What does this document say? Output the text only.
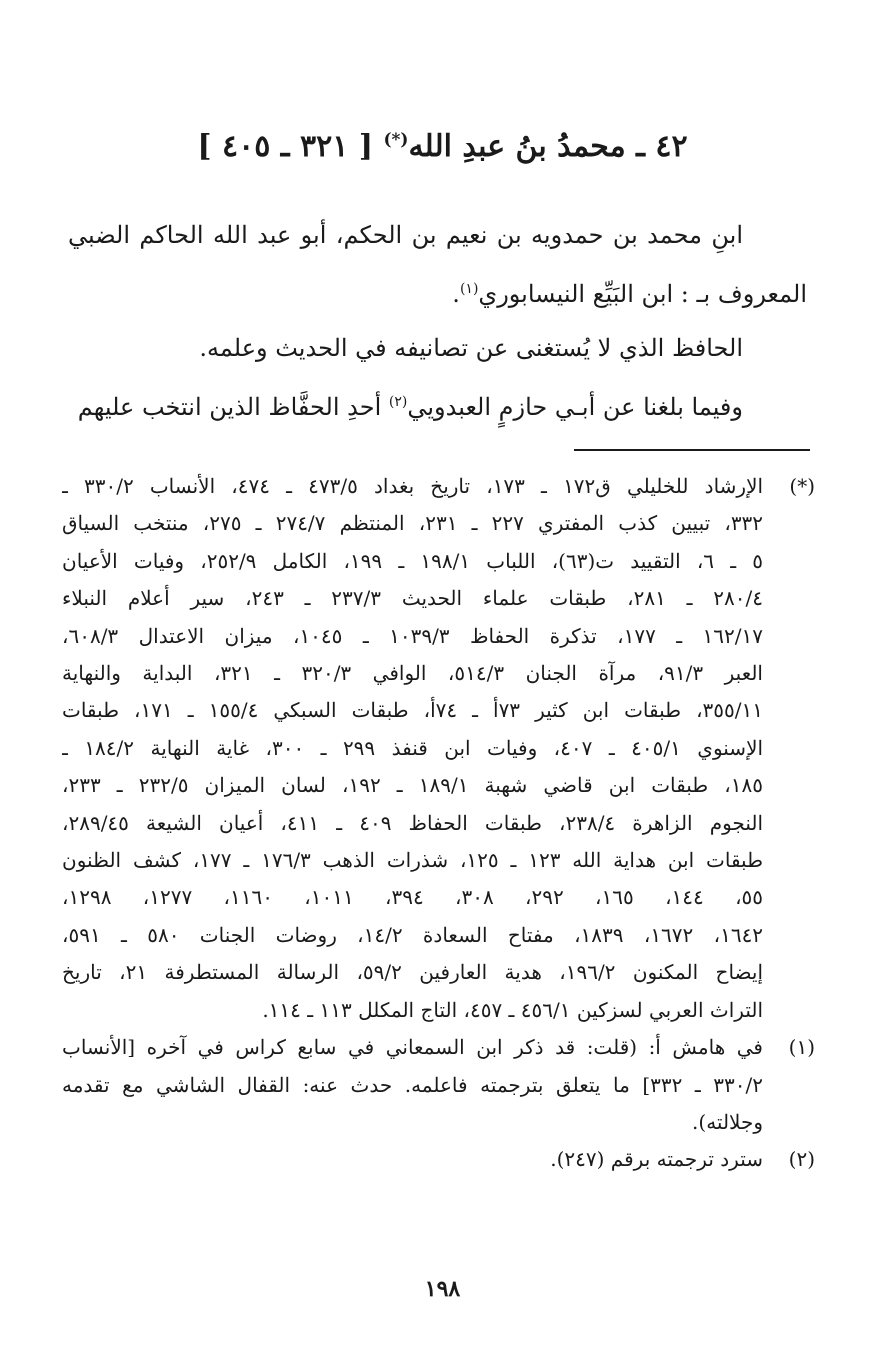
٤٢ ـ محمدُ بنُ عبدِ الله(*) [ ٣٢١ ـ ٤٠٥ ]

ابنِ محمد بن حمدويه بن نعيم بن الحكم، أبو عبد الله الحاكم الضبي

المعروف بـ : ابن البَيِّع النيسابوري$^{(١)}$.

الحافظ الذي لا يُستغنى عن تصانيفه في الحديث وعلمه.

وفيما بلغنا عن أبـي حازمٍ العبدويي$^{(٢)}$ أحدِ الحفَّاظ الذين انتخب عليهم

(*)
الإرشاد للخليلي ق١٧٢ ـ ١٧٣، تاريخ بغداد ٤٧٣/٥ ـ ٤٧٤، الأنساب ٣٣٠/٢ ـ
٣٣٢، تبيين كذب المفتري ٢٢٧ ـ ٢٣١، المنتظم ٢٧٤/٧ ـ ٢٧٥، منتخب السياق
٥ ـ ٦، التقييد ت(٦٣)، اللباب ١٩٨/١ ـ ١٩٩، الكامل ٢٥٢/٩، وفيات الأعيان
٢٨٠/٤ ـ ٢٨١، طبقات علماء الحديث ٢٣٧/٣ ـ ٢٤٣، سير أعلام النبلاء
١٦٢/١٧ ـ ١٧٧، تذكرة الحفاظ ١٠٣٩/٣ ـ ١٠٤٥، ميزان الاعتدال ٦٠٨/٣،
العبر ٩١/٣، مرآة الجنان ٥١٤/٣، الوافي ٣٢٠/٣ ـ ٣٢١، البداية والنهاية
٣٥٥/١١، طبقات ابن كثير ٧٣أ ـ ٧٤أ، طبقات السبكي ١٥٥/٤ ـ ١٧١، طبقات
الإسنوي ٤٠٥/١ ـ ٤٠٧، وفيات ابن قنفذ ٢٩٩ ـ ٣٠٠، غاية النهاية ١٨٤/٢ ـ
١٨٥، طبقات ابن قاضي شهبة ١٨٩/١ ـ ١٩٢، لسان الميزان ٢٣٢/٥ ـ ٢٣٣،
النجوم الزاهرة ٢٣٨/٤، طبقات الحفاظ ٤٠٩ ـ ٤١١، أعيان الشيعة ٢٨٩/٤٥،
طبقات ابن هداية الله ١٢٣ ـ ١٢٥، شذرات الذهب ١٧٦/٣ ـ ١٧٧، كشف الظنون
٥٥، ١٤٤، ١٦٥، ٢٩٢، ٣٠٨، ٣٩٤، ١٠١١، ١١٦٠، ١٢٧٧، ١٢٩٨،
١٦٤٢، ١٦٧٢، ١٨٣٩، مفتاح السعادة ١٤/٢، روضات الجنات ٥٨٠ ـ ٥٩١،
إيضاح المكنون ١٩٦/٢، هدية العارفين ٥٩/٢، الرسالة المستطرفة ٢١، تاريخ
التراث العربي لسزكين ٤٥٦/١ ـ ٤٥٧، التاج المكلل ١١٣ ـ ١١٤.
(١)
في هامش أ: (قلت: قد ذكر ابن السمعاني في سابع كراس في آخره [الأنساب
٣٣٠/٢ ـ ٣٣٢] ما يتعلق بترجمته فاعلمه. حدث عنه: القفال الشاشي مع تقدمه
وجلالته).
(٢)
سترد ترجمته برقم (٢٤٧).
١٩٨
